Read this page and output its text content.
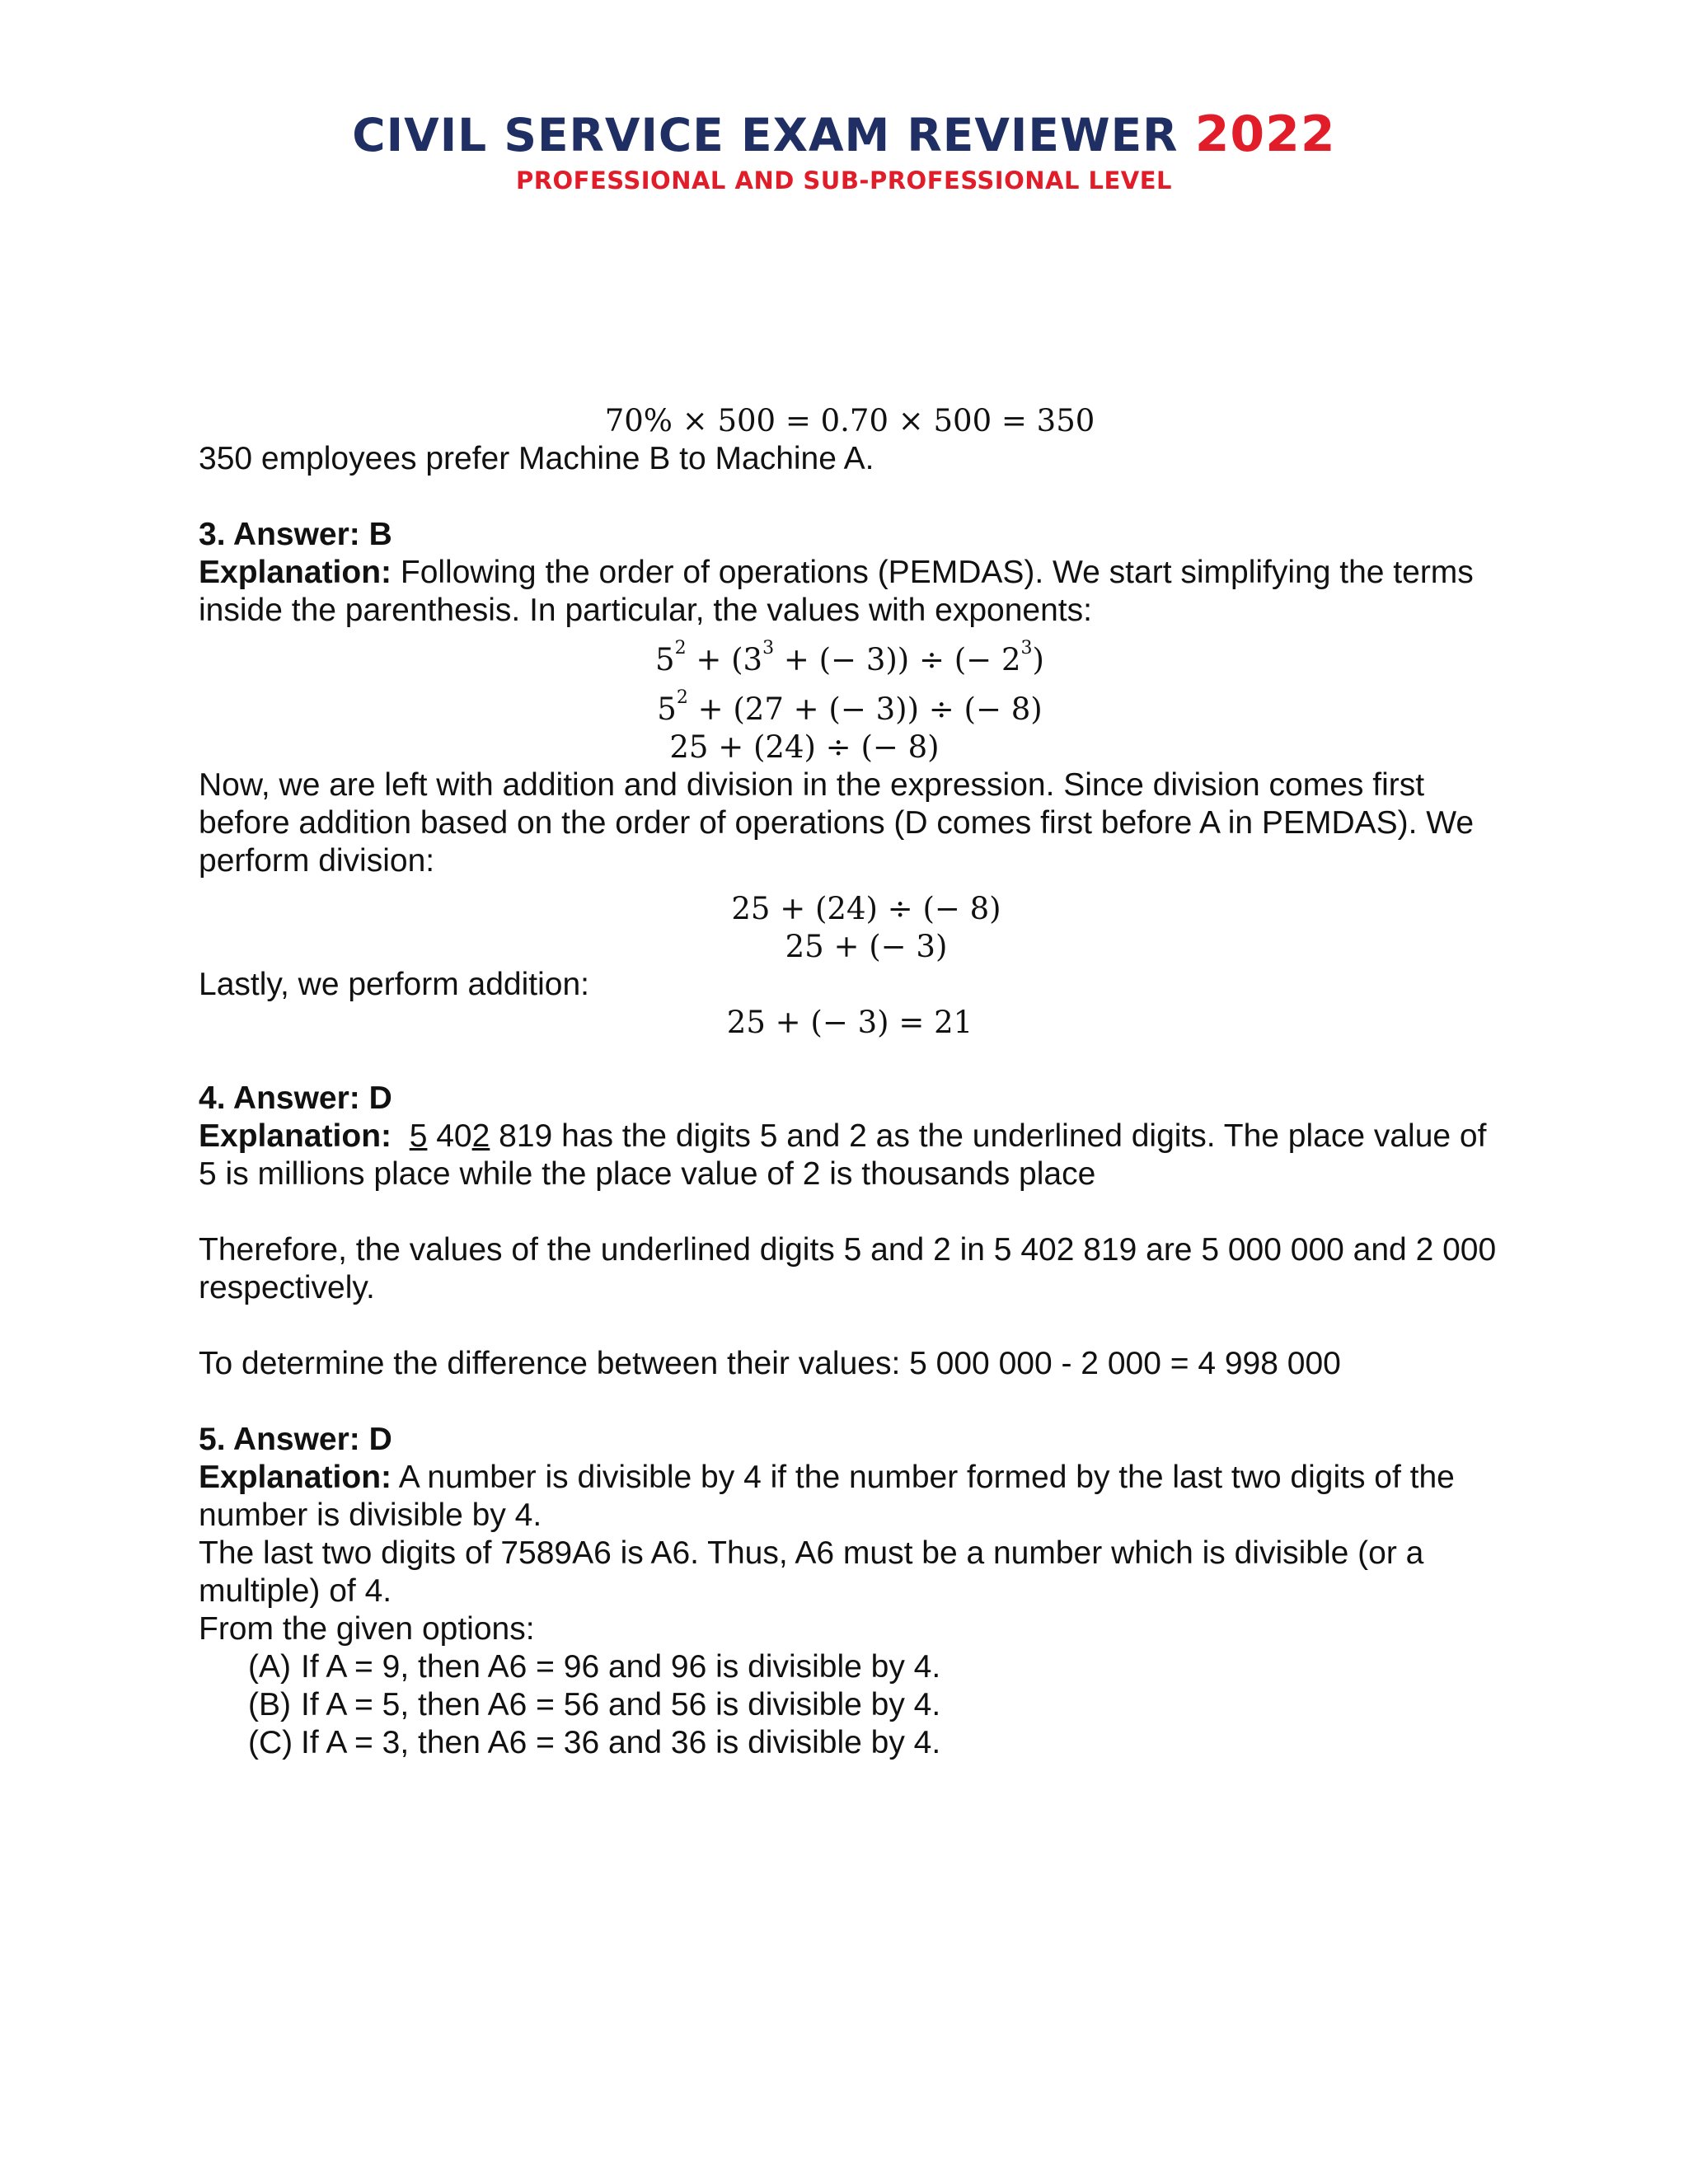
CIVIL SERVICE EXAM REVIEWER 2022
PROFESSIONAL AND SUB-PROFESSIONAL LEVEL
70% × 500 = 0.70 × 500 = 350

350 employees prefer Machine B to Machine A.

3. Answer: B

Explanation: Following the order of operations (PEMDAS). We start simplifying the terms inside the parenthesis. In particular, the values with exponents:

$5^2 + (3^3$ + (− 3)) ÷ (− $2^3$)
$5^2 + (27$ + (− 3)) ÷ (− 8)
25 + (24) ÷ (− 8)

Now, we are left with addition and division in the expression. Since division comes first before addition based on the order of operations (D comes first before A in PEMDAS). We perform division:

25 + (24) ÷ (− 8)
25 + (− 3)
Lastly, we perform addition:
25 + (− 3) = 21

4. Answer: D

Explanation: 5 402 819 has the digits 5 and 2 as the underlined digits. The place value of 5 is millions place while the place value of 2 is thousands place

Therefore, the values of the underlined digits 5 and 2 in 5 402 819 are 5 000 000 and 2 000 respectively.

To determine the difference between their values: 5 000 000 - 2 000 = 4 998 000

5. Answer: D

Explanation: A number is divisible by 4 if the number formed by the last two digits of the number is divisible by 4.

The last two digits of 7589A6 is A6. Thus, A6 must be a number which is divisible (or a multiple) of 4.

From the given options:

(A) If A = 9, then A6 = 96 and 96 is divisible by 4.
(B) If A = 5, then A6 = 56 and 56 is divisible by 4.
(C) If A = 3, then A6 = 36 and 36 is divisible by 4.
